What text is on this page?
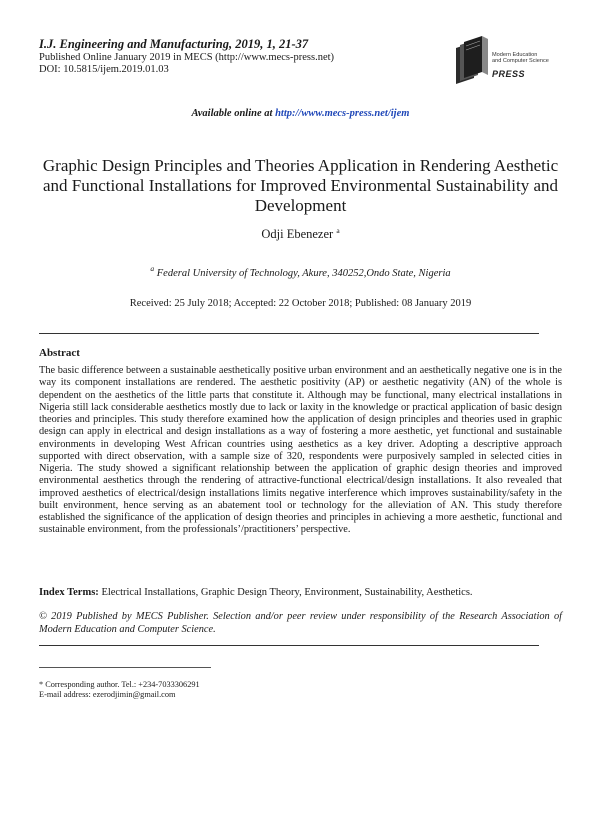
I.J. Engineering and Manufacturing, 2019, 1, 21-37
Published Online January 2019 in MECS (http://www.mecs-press.net)
DOI: 10.5815/ijem.2019.01.03
Modern Education
and Computer Science
PRESS
Available online at http://www.mecs-press.net/ijem
Graphic Design Principles and Theories Application in Rendering Aesthetic and Functional Installations for Improved Environmental Sustainability and Development
Odji Ebenezer $^a$
$^a$ Federal University of Technology, Akure, 340252,Ondo State, Nigeria
Received: 25 July 2018; Accepted: 22 October 2018; Published: 08 January 2019
Abstract

The basic difference between a sustainable aesthetically positive urban environment and an aesthetically negative one is in the way its component installations are rendered. The aesthetic positivity (AP) or aesthetic negativity (AN) of the whole is dependent on the aesthetics of the little parts that constitute it. Although may be functional, many electrical installations in Nigeria still lack considerable aesthetics mostly due to lack or laxity in the knowledge or practical application of basic design theories and principles. This study therefore examined how the application of design principles and theories used in graphic design can apply in electrical and design installations as a way of fostering a more aesthetic, yet functional and sustainable environments in developing West African countries using aesthetics as a key driver. Adopting a descriptive approach supported with direct observation, with a sample size of 320, respondents were purposively sampled in selected cities in Nigeria. The study showed a significant relationship between the application of graphic design theories and improved environmental aesthetics through the rendering of attractive-functional electrical/design installations. It also revealed that improved aesthetics of electrical/design installations limits negative interference which improves sustainability/safety in the built environment, hence serving as an abatement tool or technology for the alleviation of AN. This study therefore established the significance of the application of design theories and principles in achieving a more aesthetic, functional and sustainable environment, from the professionals’/practitioners’ perspective.

Index Terms: Electrical Installations, Graphic Design Theory, Environment, Sustainability, Aesthetics.

© 2019 Published by MECS Publisher. Selection and/or peer review under responsibility of the Research Association of Modern Education and Computer Science.

* Corresponding author. Tel.: +234-7033306291
E-mail address: ezerodjimin@gmail.com
